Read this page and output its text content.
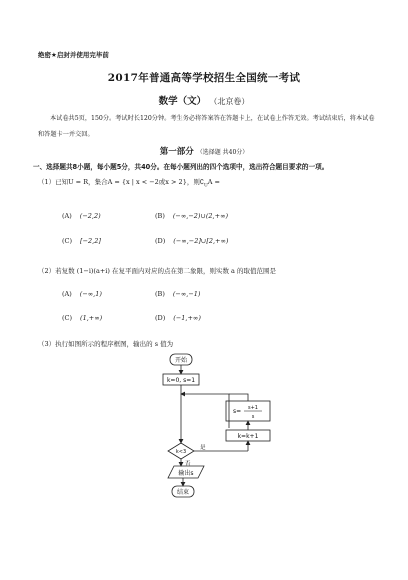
绝密★启封并使用完毕前
2017年普通高等学校招生全国统一考试
数学（文） （北京卷）
本试卷共5页，150分。考试时长120分钟。考生务必将答案答在答题卡上，在试卷上作答无效。考试结束后，将本试卷和答题卡一并交回。
第一部分 （选择题 共40分）
一、选择题共8小题，每小题5分，共40分。在每小题列出的四个选项中，选出符合题目要求的一项。
（1）已知U = R，集合A = {x | x < −2或x > 2}，则$∁_UA$ =
(A) (−2,2)	(B) (−∞,−2)∪(2,+∞)
(C) [−2,2]	(D) (−∞,−2]∪[2,+∞)
（2）若复数 (1−i)(a+i) 在复平面内对应的点在第二象限，则实数 a 的取值范围是
(A) (−∞,1)	(B) (−∞,−1)
(C) (1,+∞)	(D) (−1,+∞)
（3）执行如图所示的程序框图，输出的 s 值为
开始
k=0, s=1
k=k+1
s= s+1
s
k<3
是
否
输出s
结束
